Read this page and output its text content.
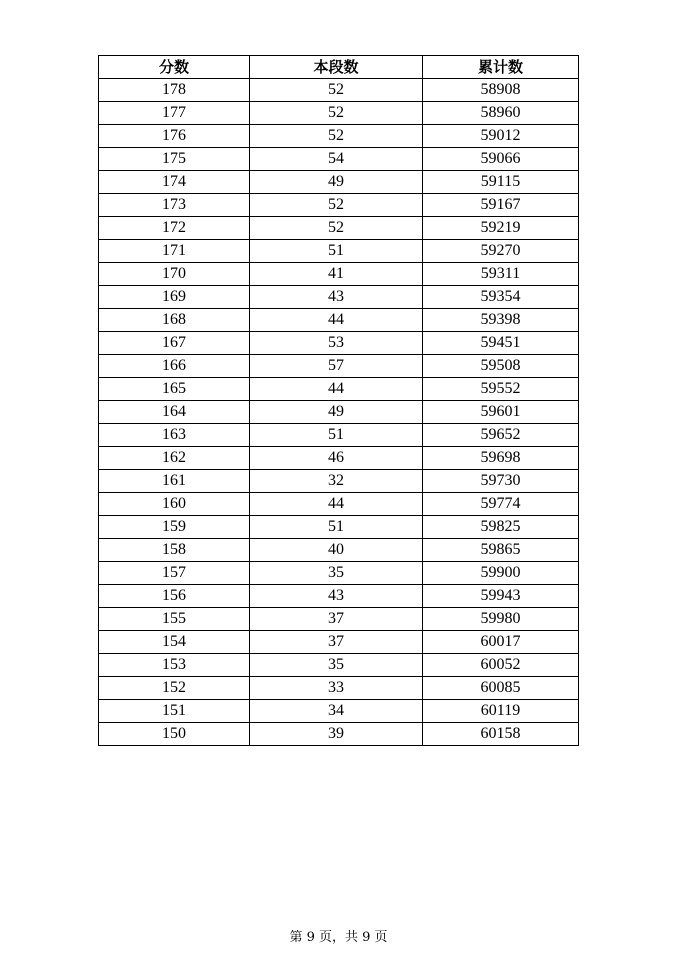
分数	本段数	累计数
178	52	58908
177	52	58960
176	52	59012
175	54	59066
174	49	59115
173	52	59167
172	52	59219
171	51	59270
170	41	59311
169	43	59354
168	44	59398
167	53	59451
166	57	59508
165	44	59552
164	49	59601
163	51	59652
162	46	59698
161	32	59730
160	44	59774
159	51	59825
158	40	59865
157	35	59900
156	43	59943
155	37	59980
154	37	60017
153	35	60052
152	33	60085
151	34	60119
150	39	60158
第 9 页，共 9 页
